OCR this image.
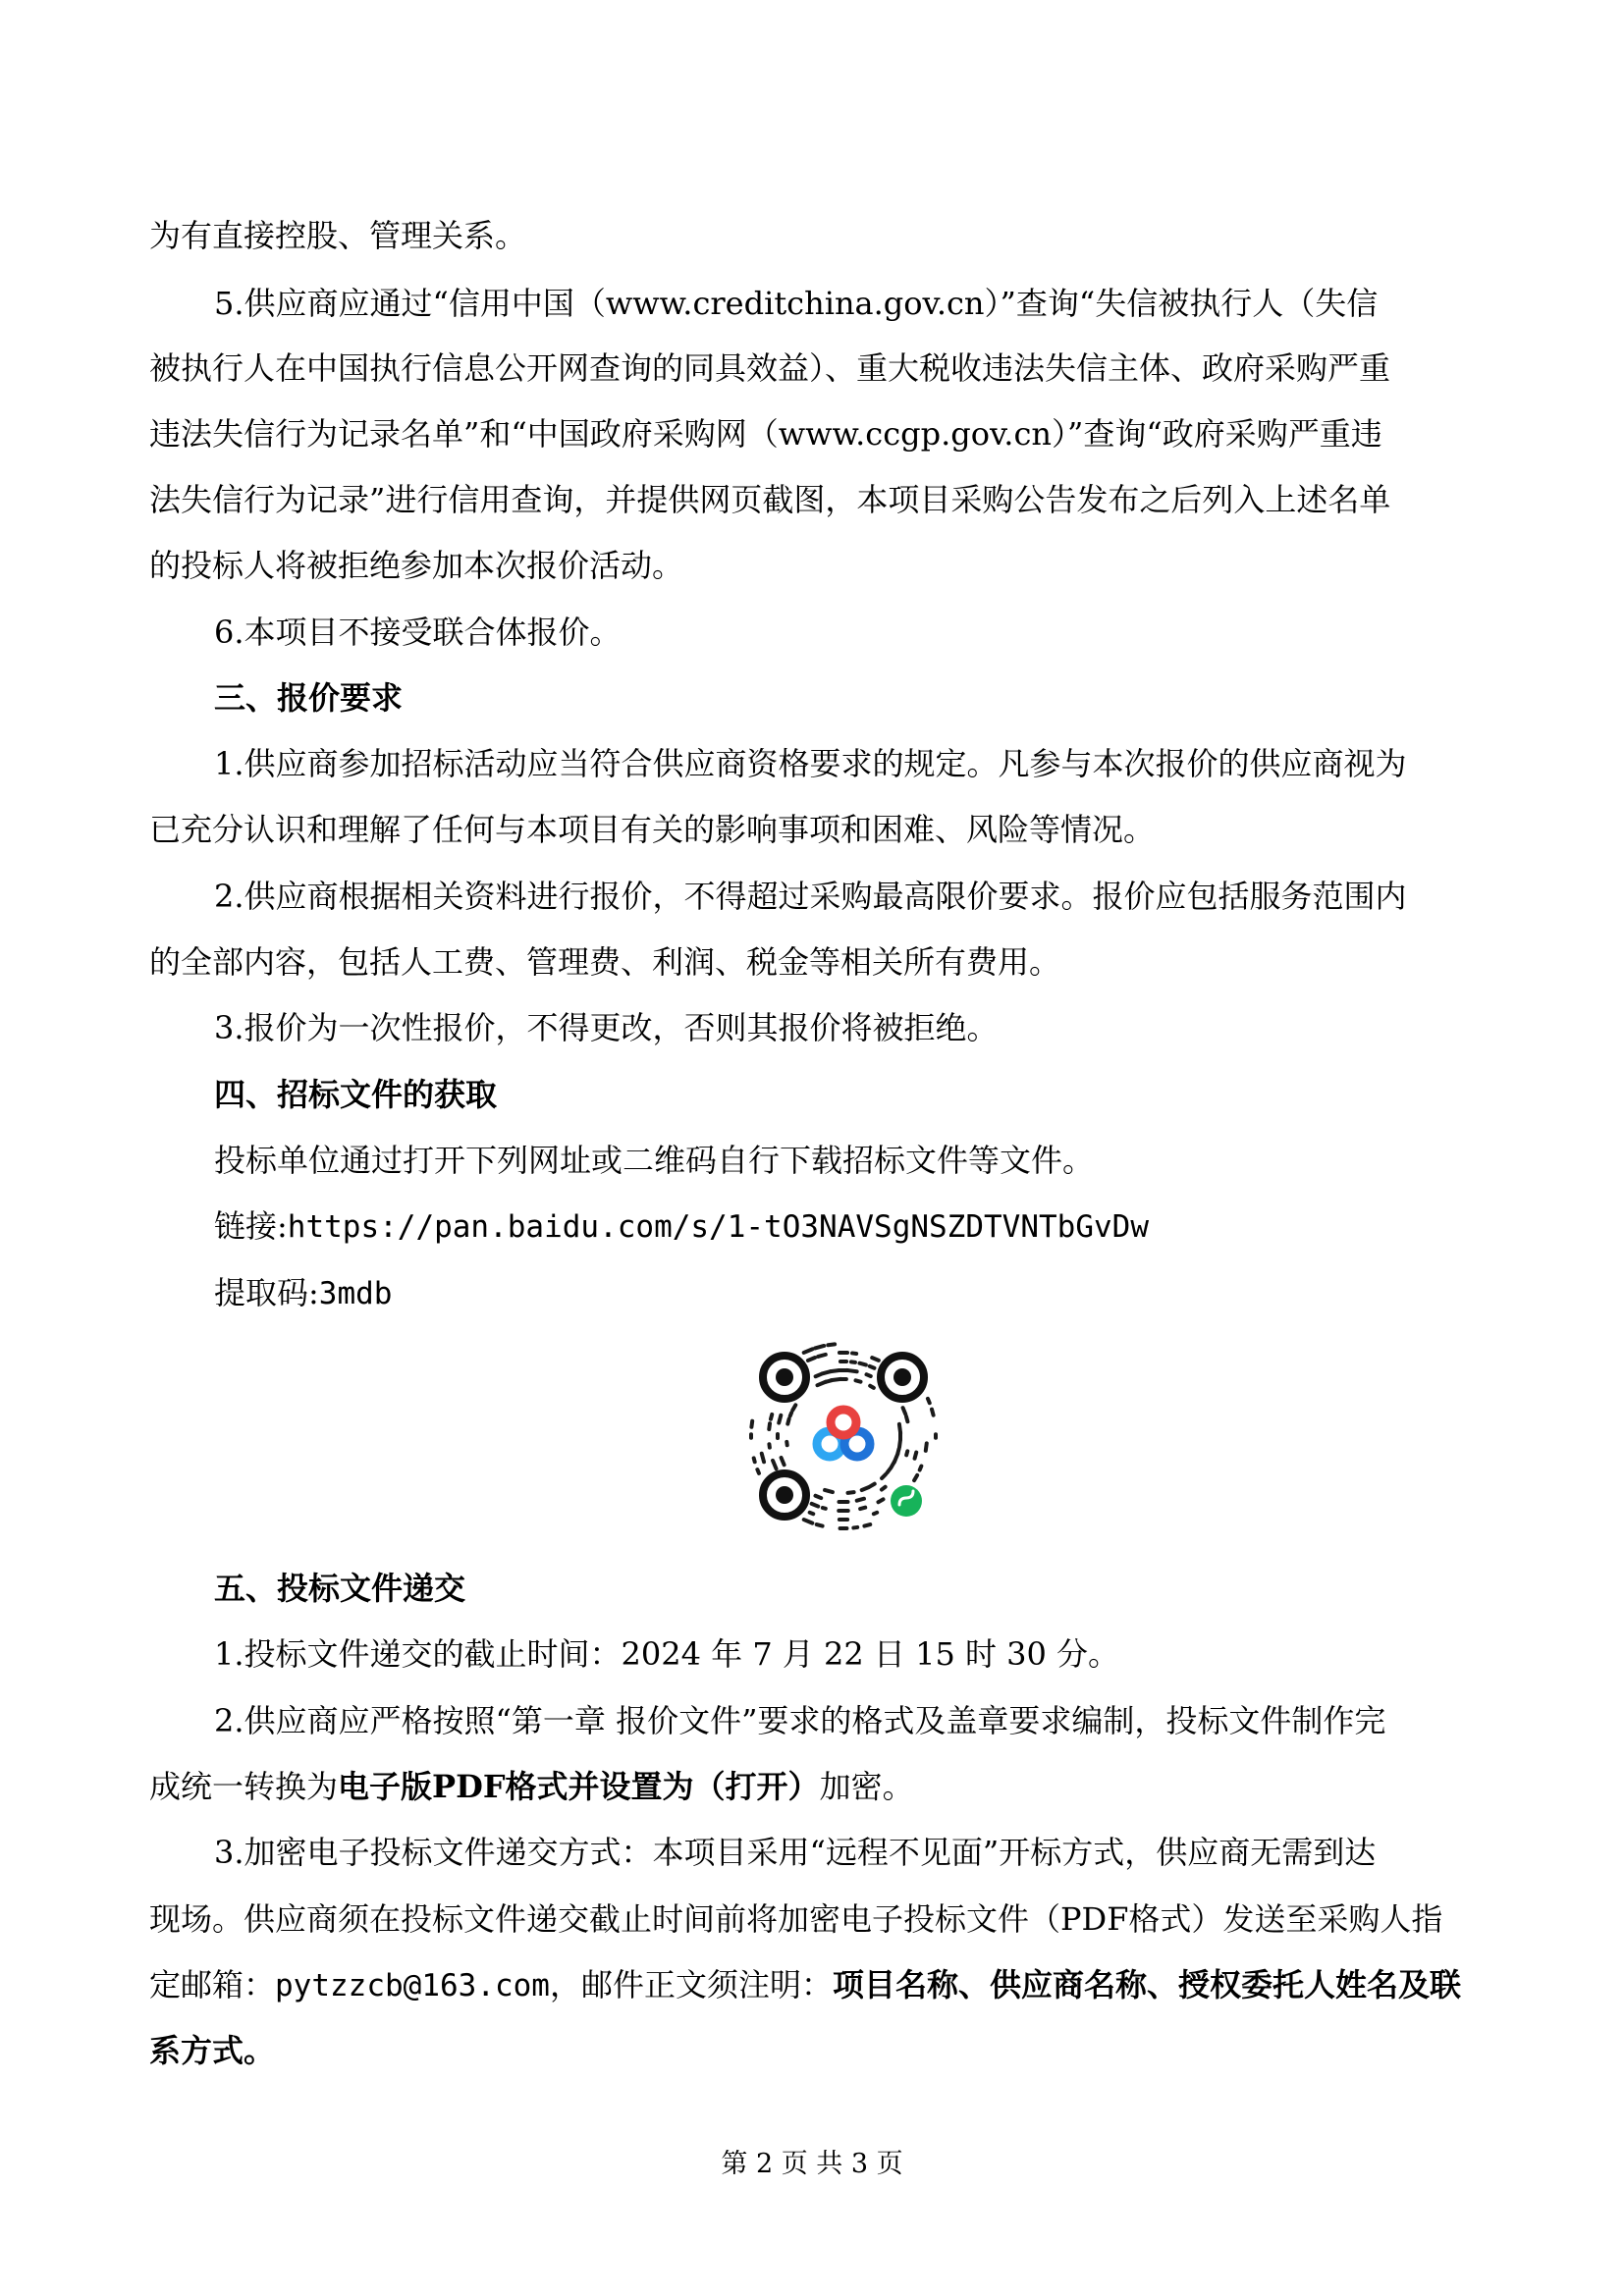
为有直接控股、管理关系。
5.供应商应通过“信用中国（www.creditchina.gov.cn）”查询“失信被执行人（失信
被执行人在中国执行信息公开网查询的同具效益）、重大税收违法失信主体、政府采购严重
违法失信行为记录名单”和“中国政府采购网（www.ccgp.gov.cn）”查询“政府采购严重违
法失信行为记录”进行信用查询，并提供网页截图，本项目采购公告发布之后列入上述名单
的投标人将被拒绝参加本次报价活动。
6.本项目不接受联合体报价。
三、报价要求
1.供应商参加招标活动应当符合供应商资格要求的规定。凡参与本次报价的供应商视为
已充分认识和理解了任何与本项目有关的影响事项和困难、风险等情况。
2.供应商根据相关资料进行报价，不得超过采购最高限价要求。报价应包括服务范围内
的全部内容，包括人工费、管理费、利润、税金等相关所有费用。
3.报价为一次性报价，不得更改，否则其报价将被拒绝。
四、招标文件的获取
投标单位通过打开下列网址或二维码自行下载招标文件等文件。
链接:https://pan.baidu.com/s/1-tO3NAVSgNSZDTVNTbGvDw
提取码:3mdb
五、投标文件递交
1.投标文件递交的截止时间：2024 年 7 月 22 日 15 时 30 分。
2.供应商应严格按照“第一章 报价文件”要求的格式及盖章要求编制，投标文件制作完
成统一转换为电子版PDF格式并设置为（打开）加密。
3.加密电子投标文件递交方式：本项目采用“远程不见面”开标方式，供应商无需到达
现场。供应商须在投标文件递交截止时间前将加密电子投标文件（PDF格式）发送至采购人指
定邮箱：pytzzcb@163.com，邮件正文须注明：项目名称、供应商名称、授权委托人姓名及联
系方式。
第 2 页 共 3 页
